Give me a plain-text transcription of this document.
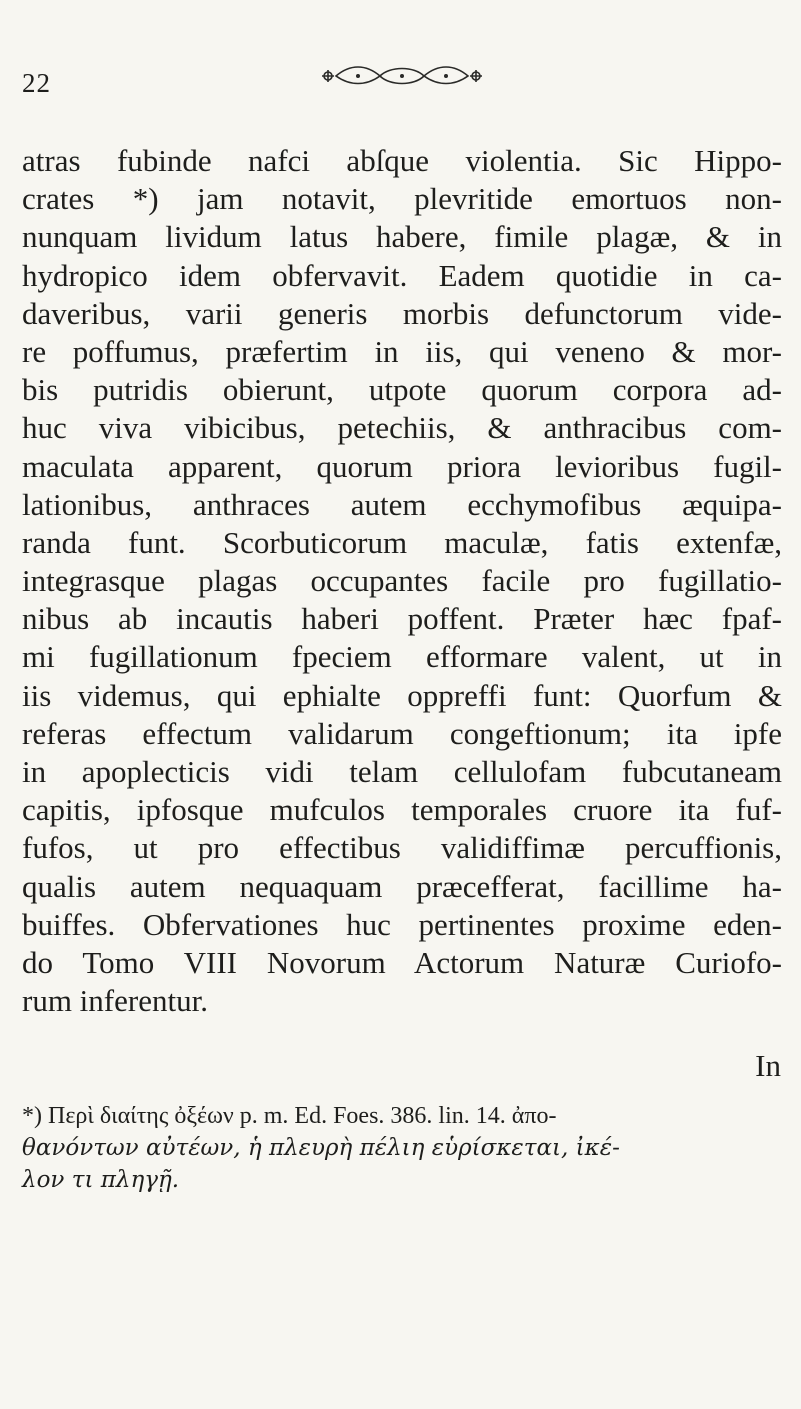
22
atras fubinde nafci abſque violentia. Sic Hippo-
crates *) jam notavit, plevritide emortuos non-
nunquam lividum latus habere, fimile plagæ, & in
hydropico idem obfervavit. Eadem quotidie in ca-
daveribus, varii generis morbis defunctorum vide-
re poffumus, præfertim in iis, qui veneno & mor-
bis putridis obierunt, utpote quorum corpora ad-
huc viva vibicibus, petechiis, & anthracibus com-
maculata apparent, quorum priora levioribus fugil-
lationibus, anthraces autem ecchymofibus æquipa-
randa funt. Scorbuticorum maculæ, fatis extenfæ,
integrasque plagas occupantes facile pro fugillatio-
nibus ab incautis haberi poffent. Præter hæc fpaf-
mi fugillationum fpeciem efformare valent, ut in
iis videmus, qui ephialte oppreffi funt: Quorfum &
referas effectum validarum congeftionum; ita ipfe
in apoplecticis vidi telam cellulofam fubcutaneam
capitis, ipfosque mufculos temporales cruore ita fuf-
fufos, ut pro effectibus validiffimæ percuffionis,
qualis autem nequaquam præcefferat, facillime ha-
buiffes. Obfervationes huc pertinentes proxime eden-
do Tomo VIII Novorum Actorum Naturæ Curiofo-
rum inferentur.
In
*) Περὶ διαίτης ὀξέων p. m. Ed. Foes. 386. lin. 14. ἀπο-
θανόντων αὐτέων, ἡ πλευρὴ πέλιη εὑρίσκεται, ἰκέ-
λον τι πληγῇ.
